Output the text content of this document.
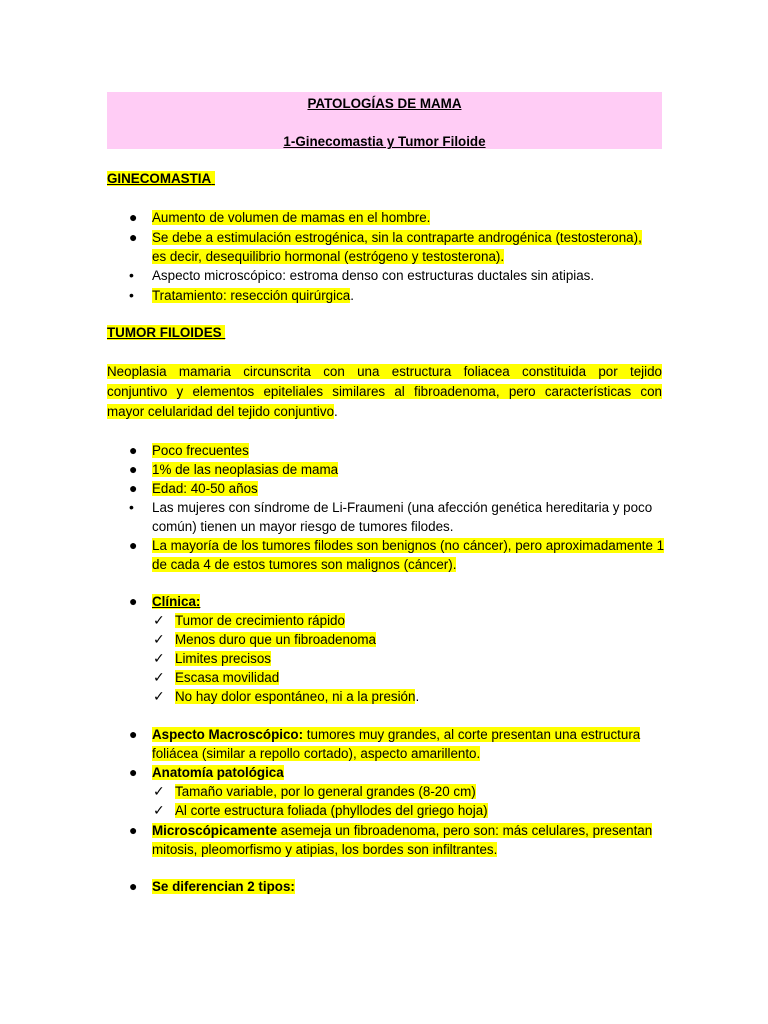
PATOLOGÍAS DE MAMA
1-Ginecomastia y Tumor Filoide
GINECOMASTIA
● Aumento de volumen de mamas en el hombre.
● Se debe a estimulación estrogénica, sin la contraparte androgénica (testosterona),
es decir, desequilibrio hormonal (estrógeno y testosterona).
• Aspecto microscópico: estroma denso con estructuras ductales sin atipias.
• Tratamiento: resección quirúrgica.
TUMOR FILOIDES
Neoplasia mamaria circunscrita con una estructura foliacea constituida por tejido
conjuntivo y elementos epiteliales similares al fibroadenoma, pero características con
mayor celularidad del tejido conjuntivo.
● Poco frecuentes
● 1% de las neoplasias de mama
● Edad: 40-50 años
• Las mujeres con síndrome de Li-Fraumeni (una afección genética hereditaria y poco
común) tienen un mayor riesgo de tumores filodes.
● La mayoría de los tumores filodes son benignos (no cáncer), pero aproximadamente 1
de cada 4 de estos tumores son malignos (cáncer).
● Clínica:
✓ Tumor de crecimiento rápido
✓ Menos duro que un fibroadenoma
✓ Limites precisos
✓ Escasa movilidad
✓ No hay dolor espontáneo, ni a la presión.
● Aspecto Macroscópico: tumores muy grandes, al corte presentan una estructura
foliácea (similar a repollo cortado), aspecto amarillento.
● Anatomía patológica
✓ Tamaño variable, por lo general grandes (8-20 cm)
✓ Al corte estructura foliada (phyllodes del griego hoja)
● Microscópicamente asemeja un fibroadenoma, pero son: más celulares, presentan
mitosis, pleomorfismo y atipias, los bordes son infiltrantes.
● Se diferencian 2 tipos:
